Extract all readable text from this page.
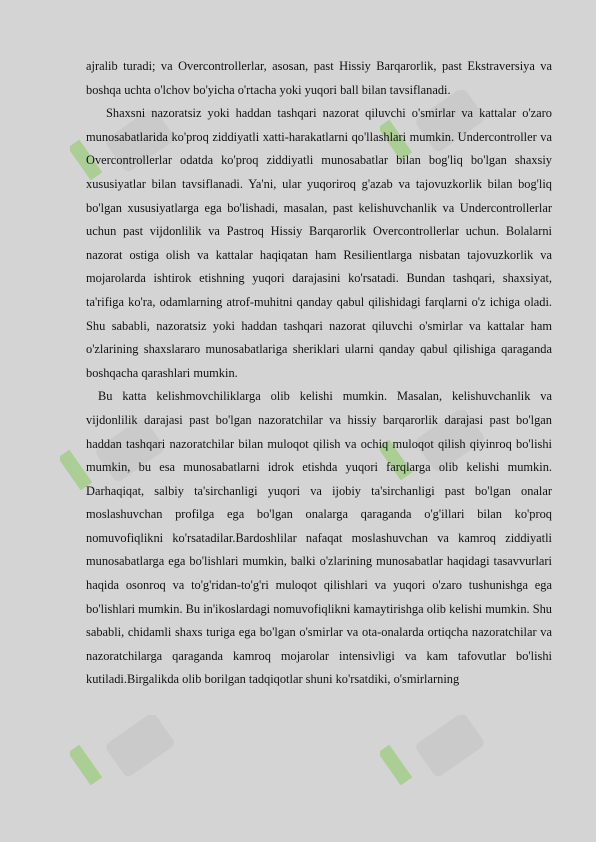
ajralib turadi; va Overcontrollerlar, asosan, past Hissiy Barqarorlik, past Ekstraversiya va boshqa uchta o'lchov bo'yicha o'rtacha yoki yuqori ball bilan tavsiflanadi.

Shaxsni nazoratsiz yoki haddan tashqari nazorat qiluvchi o'smirlar va kattalar o'zaro munosabatlarida ko'proq ziddiyatli xatti-harakatlarni qo'llashlari mumkin. Undercontroller va Overcontrollerlar odatda ko'proq ziddiyatli munosabatlar bilan bog'liq bo'lgan shaxsiy xususiyatlar bilan tavsiflanadi. Ya'ni, ular yuqoriroq g'azab va tajovuzkorlik bilan bog'liq bo'lgan xususiyatlarga ega bo'lishadi, masalan, past kelishuvchanlik va Undercontrollerlar uchun past vijdonlilik va Pastroq Hissiy Barqarorlik Overcontrollerlar uchun. Bolalarni nazorat ostiga olish va kattalar haqiqatan ham Resilientlarga nisbatan tajovuzkorlik va mojarolarda ishtirok etishning yuqori darajasini ko'rsatadi. Bundan tashqari, shaxsiyat, ta'rifiga ko'ra, odamlarning atrof-muhitni qanday qabul qilishidagi farqlarni o'z ichiga oladi. Shu sababli, nazoratsiz yoki haddan tashqari nazorat qiluvchi o'smirlar va kattalar ham o'zlarining shaxslararo munosabatlariga sheriklari ularni qanday qabul qilishiga qaraganda boshqacha qarashlari mumkin.

Bu katta kelishmovchiliklarga olib kelishi mumkin. Masalan, kelishuvchanlik va vijdonlilik darajasi past bo'lgan nazoratchilar va hissiy barqarorlik darajasi past bo'lgan haddan tashqari nazoratchilar bilan muloqot qilish va ochiq muloqot qilish qiyinroq bo'lishi mumkin, bu esa munosabatlarni idrok etishda yuqori farqlarga olib kelishi mumkin. Darhaqiqat, salbiy ta'sirchanligi yuqori va ijobiy ta'sirchanligi past bo'lgan onalar moslashuvchan profilga ega bo'lgan onalarga qaraganda o'g'illari bilan ko'proq nomuvofiqlikni ko'rsatadilar.Bardoshlilar nafaqat moslashuvchan va kamroq ziddiyatli munosabatlarga ega bo'lishlari mumkin, balki o'zlarining munosabatlar haqidagi tasavvurlari haqida osonroq va to'g'ridan-to'g'ri muloqot qilishlari va yuqori o'zaro tushunishga ega bo'lishlari mumkin. Bu in'ikoslardagi nomuvofiqlikni kamaytirishga olib kelishi mumkin. Shu sababli, chidamli shaxs turiga ega bo'lgan o'smirlar va ota-onalarda ortiqcha nazoratchilar va nazoratchilarga qaraganda kamroq mojarolar intensivligi va kam tafovutlar bo'lishi kutiladi.Birgalikda olib borilgan tadqiqotlar shuni ko'rsatdiki, o'smirlarning
